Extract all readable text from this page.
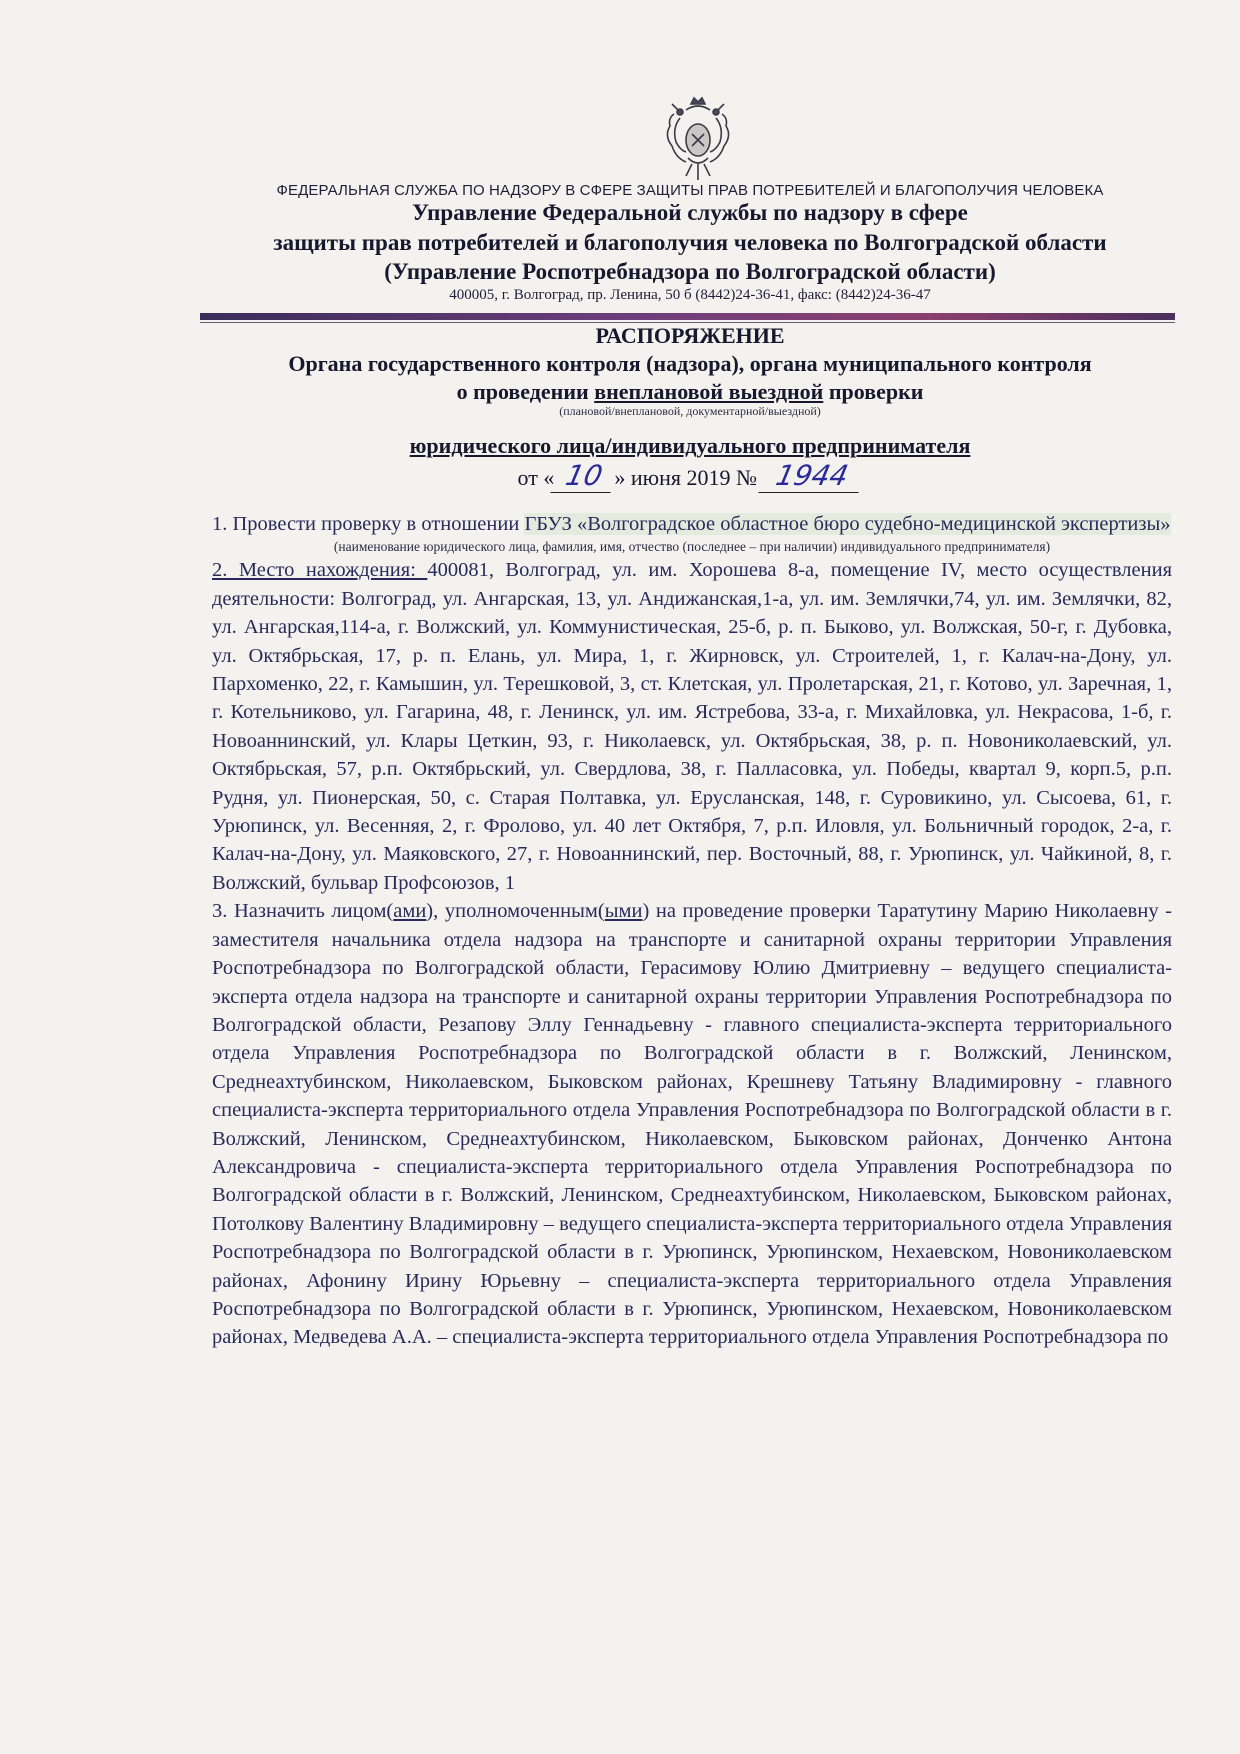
ФЕДЕРАЛЬНАЯ СЛУЖБА ПО НАДЗОРУ В СФЕРЕ ЗАЩИТЫ ПРАВ ПОТРЕБИТЕЛЕЙ И БЛАГОПОЛУЧИЯ ЧЕЛОВЕКА
Управление Федеральной службы по надзору в сфере
защиты прав потребителей и благополучия человека по Волгоградской области
(Управление Роспотребнадзора по Волгоградской области)
400005, г. Волгоград, пр. Ленина, 50 б (8442)24-36-41, факс: (8442)24-36-47
РАСПОРЯЖЕНИЕ
Органа государственного контроля (надзора), органа муниципального контроля
о проведении внеплановой выездной проверки
(плановой/внеплановой, документарной/выездной)
юридического лица/индивидуального предпринимателя
от « 10 » июня 2019 № 1944

1. Провести проверку в отношении ГБУЗ «Волгоградское областное бюро судебно-медицинской экспертизы»

(наименование юридического лица, фамилия, имя, отчество (последнее – при наличии) индивидуального предпринимателя)

2. Место нахождения: 400081, Волгоград, ул. им. Хорошева 8-а, помещение IV, место осуществления деятельности: Волгоград, ул. Ангарская, 13, ул. Андижанская,1-а, ул. им. Землячки,74, ул. им. Землячки, 82, ул. Ангарская,114-а, г. Волжский, ул. Коммунистическая, 25-б, р. п. Быково, ул. Волжская, 50-г, г. Дубовка, ул. Октябрьская, 17, р. п. Елань, ул. Мира, 1, г. Жирновск, ул. Строителей, 1, г. Калач-на-Дону, ул. Пархоменко, 22, г. Камышин, ул. Терешковой, 3, ст. Клетская, ул. Пролетарская, 21, г. Котово, ул. Заречная, 1, г. Котельниково, ул. Гагарина, 48, г. Ленинск, ул. им. Ястребова, 33-а, г. Михайловка, ул. Некрасова, 1-б, г. Новоаннинский, ул. Клары Цеткин, 93, г. Николаевск, ул. Октябрьская, 38, р. п. Новониколаевский, ул. Октябрьская, 57, р.п. Октябрьский, ул. Свердлова, 38, г. Палласовка, ул. Победы, квартал 9, корп.5, р.п. Рудня, ул. Пионерская, 50, с. Старая Полтавка, ул. Еруcланская, 148, г. Суровикино, ул. Сысоева, 61, г. Урюпинск, ул. Весенняя, 2, г. Фролово, ул. 40 лет Октября, 7, р.п. Иловля, ул. Больничный городок, 2-а, г. Калач-на-Дону, ул. Маяковского, 27, г. Новоаннинский, пер. Восточный, 88, г. Урюпинск, ул. Чайкиной, 8, г. Волжский, бульвар Профсоюзов, 1

3. Назначить лицом(ами), уполномоченным(ыми) на проведение проверки Таратутину Марию Николаевну - заместителя начальника отдела надзора на транспорте и санитарной охраны территории Управления Роспотребнадзора по Волгоградской области, Герасимову Юлию Дмитриевну – ведущего специалиста-эксперта отдела надзора на транспорте и санитарной охраны территории Управления Роспотребнадзора по Волгоградской области, Резапову Эллу Геннадьевну - главного специалиста-эксперта территориального отдела Управления Роспотребнадзора по Волгоградской области в г. Волжский, Ленинском, Среднеахтубинском, Николаевском, Быковском районах, Крешневу Татьяну Владимировну - главного специалиста-эксперта территориального отдела Управления Роспотребнадзора по Волгоградской области в г. Волжский, Ленинском, Среднеахтубинском, Николаевском, Быковском районах, Донченко Антона Александровича - специалиста-эксперта территориального отдела Управления Роспотребнадзора по Волгоградской области в г. Волжский, Ленинском, Среднеахтубинском, Николаевском, Быковском районах, Потолкову Валентину Владимировну – ведущего специалиста-эксперта территориального отдела Управления Роспотребнадзора по Волгоградской области в г. Урюпинск, Урюпинском, Нехаевском, Новониколаевском районах, Афонину Ирину Юрьевну – специалиста-эксперта территориального отдела Управления Роспотребнадзора по Волгоградской области в г. Урюпинск, Урюпинском, Нехаевском, Новониколаевском районах, Медведева А.А. – специалиста-эксперта территориального отдела Управления Роспотребнадзора по
